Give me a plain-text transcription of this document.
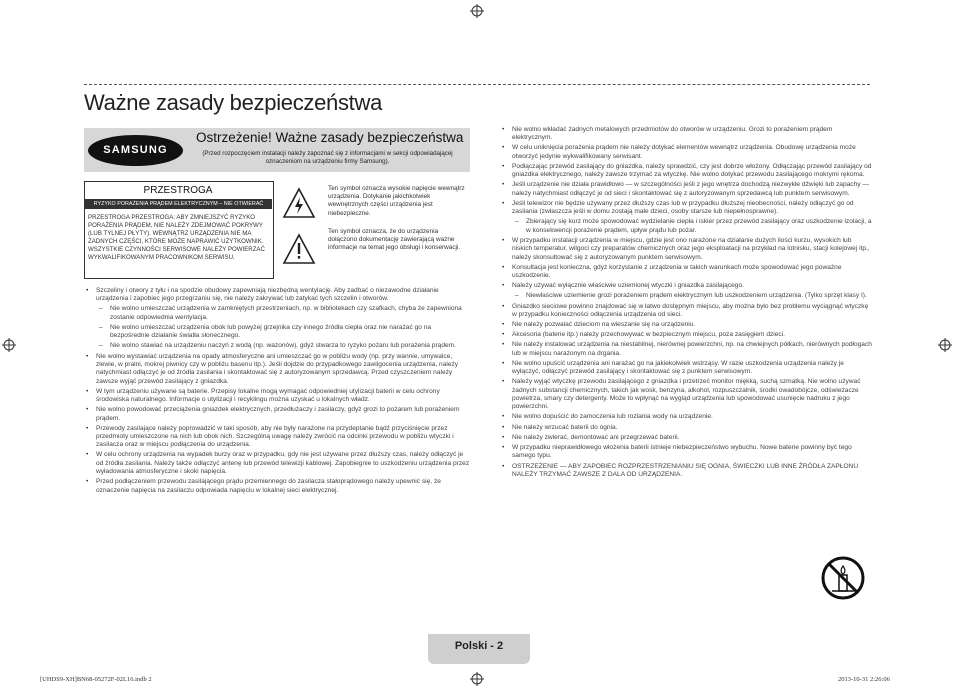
Ważne zasady bezpieczeństwa
SAMSUNG
Ostrzeżenie! Ważne zasady bezpieczeństwa
(Przed rozpoczęciem instalacji należy zapoznać się z informacjami w sekcji odpowiadającej oznaczeniom na urządzeniu firmy Samsung).
PRZESTROGA
RYZYKO PORAŻENIA PRĄDEM ELEKTRYCZNYM – NIE OTWIERAĆ
PRZESTROGA PRZESTROGA: ABY ZMNIEJSZYĆ RYZYKO PORAŻENIA PRĄDEM, NIE NALEŻY ZDEJMOWAĆ POKRYWY (LUB TYLNEJ PŁYTY). WEWNĄTRZ URZĄDZENIA NIE MA ŻADNYCH CZĘŚCI, KTÓRE MOŻE NAPRAWIĆ UŻYTKOWNIK. WSZYSTKIE CZYNNOŚCI SERWISOWE NALEŻY POWIERZAĆ WYKWALIFIKOWANYM PRACOWNIKOM SERWISU.
Ten symbol oznacza wysokie napięcie wewnątrz urządzenia. Dotykanie jakichkolwiek wewnętrznych części urządzenia jest niebezpieczne.
Ten symbol oznacza, że do urządzenia dołączono dokumentację zawierającą ważne informacje na temat jego obsługi i konserwacji.
• Szczeliny i otwory z tyłu i na spodzie obudowy zapewniają niezbędną wentylację. Aby zadbać o niezawodne działanie urządzenia i zapobiec jego przegrzaniu się, nie należy zakrywać lub zatykać tych szczelin i otworów.
– Nie wolno umieszczać urządzenia w zamkniętych przestrzeniach, np. w bibliotekach czy szafkach, chyba że zapewniona zostanie odpowiednia wentylacja.
– Nie wolno umieszczać urządzenia obok lub powyżej grzejnika czy innego źródła ciepła oraz nie narażać go na bezpośrednie działanie światła słonecznego.
– Nie wolno stawiać na urządzeniu naczyń z wodą (np. wazonów), gdyż stwarza to ryzyko pożaru lub porażenia prądem.
• Nie wolno wystawiać urządzenia na opady atmosferyczne ani umieszczać go w pobliżu wody (np. przy wannie, umywalce, zlewie, w pralni, mokrej piwnicy czy w pobliżu basenu itp.). Jeśli dojdzie do przypadkowego zawilgocenia urządzenia, należy natychmiast odłączyć je od źródła zasilania i skontaktować się z autoryzowanym sprzedawcą. Przed czyszczeniem należy zawsze wyjąć przewód zasilający z gniazdka.
• W tym urządzeniu używane są baterie. Przepisy lokalne mogą wymagać odpowiedniej utylizacji baterii w celu ochrony środowiska naturalnego. Informacje o utylizacji i recyklingu można uzyskać u lokalnych władz.
• Nie wolno powodować przeciążenia gniazdek elektrycznych, przedłużaczy i zasilaczy, gdyż grozi to pożarem lub porażeniem prądem.
• Przewody zasilające należy poprowadzić w taki sposób, aby nie były narażone na przydeptanie bądź przyciśnięcie przez przedmioty umieszczone na nich lub obok nich. Szczególną uwagę należy zwrócić na odcinki przewodu w pobliżu wtyczki i zasilacza oraz w miejscu podłączenia do urządzenia.
• W celu ochrony urządzenia na wypadek burzy oraz w przypadku, gdy nie jest używane przez dłuższy czas, należy odłączyć je od źródła zasilania. Należy także odłączyć antenę lub przewód telewizji kablowej. Zapobiegnie to uszkodzeniu urządzenia przez wyładowania atmosferyczne i skoki napięcia.
• Przed podłączeniem przewodu zasilającego prądu przemiennego do zasilacza stałoprądowego należy upewnić się, że oznaczenie napięcia na zasilaczu odpowiada napięciu w lokalnej sieci elektrycznej.
• Nie wolno wkładać żadnych metalowych przedmiotów do otworów w urządzeniu. Grozi to porażeniem prądem elektrycznym.
• W celu uniknięcia porażenia prądem nie należy dotykać elementów wewnątrz urządzenia. Obudowę urządzenia może otworzyć jedynie wykwalifikowany serwisant.
• Podłączając przewód zasilający do gniazdka, należy sprawdzić, czy jest dobrze włożony. Odłączając przewód zasilający od gniazdka elektrycznego, należy zawsze trzymać za wtyczkę. Nie wolno dotykać przewodu zasilającego mokrymi rękoma.
• Jeśli urządzenie nie działa prawidłowo — w szczególności jeśli z jego wnętrza dochodzą niezwykłe dźwięki lub zapachy — należy natychmiast odłączyć je od sieci i skontaktować się z autoryzowanym sprzedawcą lub punktem serwisowym.
• Jeśli telewizor nie będzie używany przez dłuższy czas lub w przypadku dłuższej nieobecności, należy odłączyć go od zasilania (zwłaszcza jeśli w domu zostają małe dzieci, osoby starsze lub niepełnosprawne).
– Zbierający się kurz może spowodować wydzielanie ciepła i iskier przez przewód zasilający oraz uszkodzenie izolacji, a w konsekwencji porażenie prądem, upływ prądu lub pożar.
• W przypadku instalacji urządzenia w miejscu, gdzie jest ono narażone na działanie dużych ilości kurzu, wysokich lub niskich temperatur, wilgoci czy preparatów chemicznych oraz jego eksploatacji na przykład na lotnisku, stacji kolejowej itp., należy skonsultować się z autoryzowanym punktem serwisowym.
• Konsultacja jest konieczna, gdyż korzystanie z urządzenia w takich warunkach może spowodować jego poważne uszkodzenie.
• Należy używać wyłącznie właściwie uziemionej wtyczki i gniazdka zasilającego.
– Niewłaściwe uziemienie grozi porażeniem prądem elektrycznym lub uszkodzeniem urządzenia. (Tylko sprzęt klasy I).
• Gniazdko sieciowe powinno znajdować się w łatwo dostępnym miejscu, aby można było bez problemu wyciągnąć wtyczkę w przypadku konieczności odłączenia urządzenia od sieci.
• Nie należy pozwalać dzieciom na wieszanie się na urządzeniu.
• Akcesoria (baterie itp.) należy przechowywać w bezpiecznym miejscu, poza zasięgiem dzieci.
• Nie należy instalować urządzenia na niestabilnej, nierównej powierzchni, np. na chwiejnych półkach, nierównych podłogach lub w miejscu narażonym na drgania.
• Nie wolno upuścić urządzenia ani narażać go na jakiekolwiek wstrząsy. W razie uszkodzenia urządzenia należy je wyłączyć, odłączyć przewód zasilający i skontaktować się z punktem serwisowym.
• Należy wyjąć wtyczkę przewodu zasilającego z gniazdka i przetrzeć monitor miękką, suchą szmatką. Nie wolno używać żadnych substancji chemicznych, takich jak wosk, benzyna, alkohol, rozpuszczalnik, środki owadobójcze, odświeżacze powietrza, smary czy detergenty. Może to wpłynąć na wygląd urządzenia lub spowodować usunięcie nadruku z jego powierzchni.
• Nie wolno dopuścić do zamoczenia lub rozlania wody na urządzenie.
• Nie należy wrzucać baterii do ognia.
• Nie należy zwierać, demontować ani przegrzewać baterii.
• W przypadku nieprawidłowego włożenia baterii istnieje niebezpieczeństwo wybuchu. Nowe baterie powinny być tego samego typu.
• OSTRZEŻENIE — ABY ZAPOBIEC ROZPRZESTRZENIANIU SIĘ OGNIA, ŚWIECZKI LUB INNE ŹRÓDŁA ZAPŁONU NALEŻY TRZYMAĆ ZAWSZE Z DALA OD URZĄDZENIA.
Polski - 2
[UHDS9-XH]BN68-05272F-02L16.indb 2	2013-10-31 2:26:06
